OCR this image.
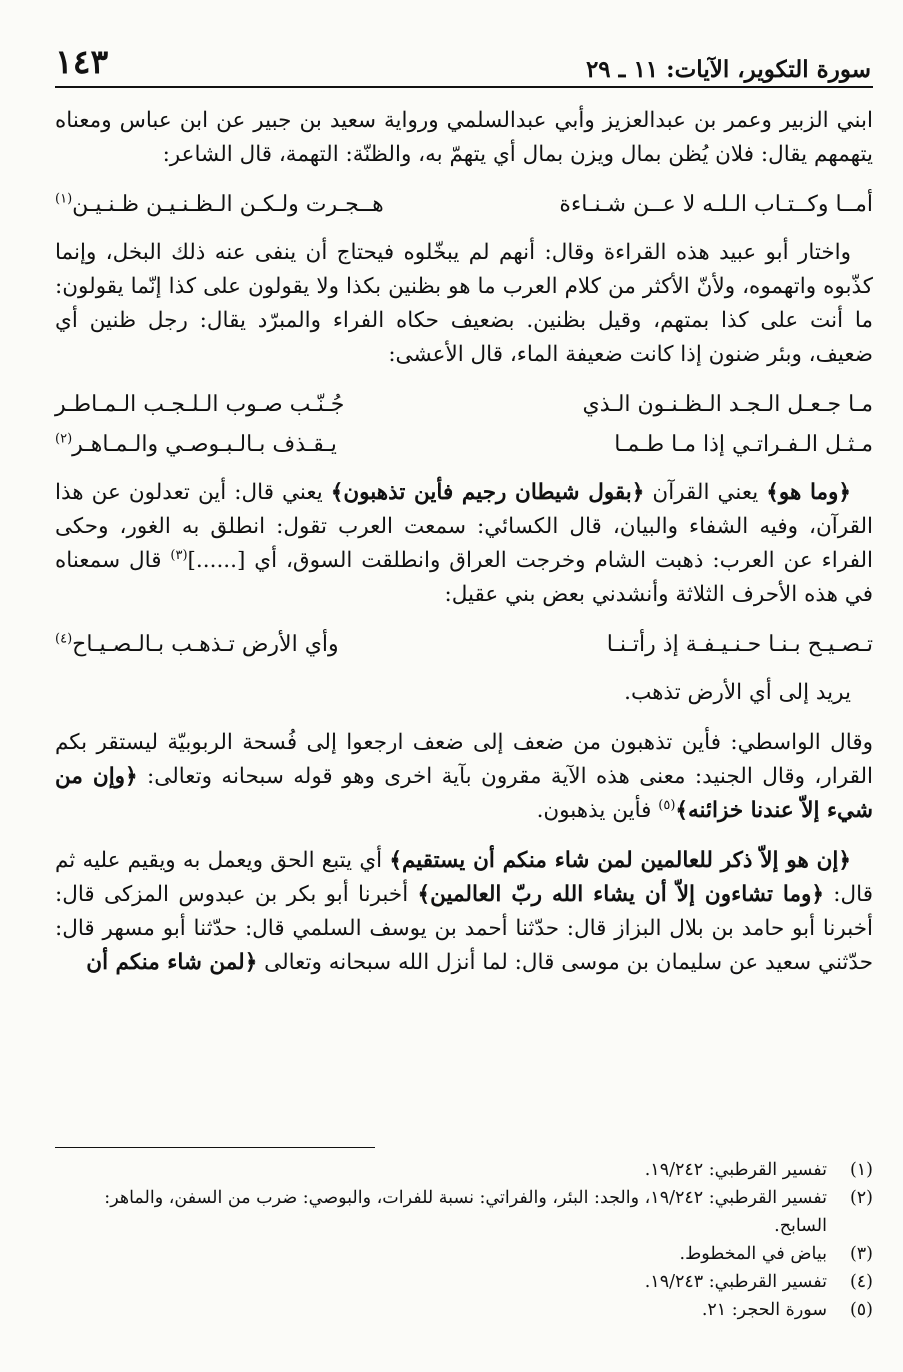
سورة التكوير، الآيات: ١١ ـ ٢٩
١٤٣

ابني الزبير وعمر بن عبدالعزيز وأبي عبدالسلمي ورواية سعيد بن جبير عن ابن عباس ومعناه يتهمهم يقال: فلان يُظن بمال ويزن بمال أي يتهمّ به، والظنّة: التهمة، قال الشاعر:

أمــا وكــتـاب الـلـه لا عــن شـنـاءة
هــجـرت ولـكـن الـظـنـيـن ظـنـيـن$^{(١)}$

واختار أبو عبيد هذه القراءة وقال: أنهم لم يبخّلوه فيحتاج أن ينفى عنه ذلك البخل، وإنما كذّبوه واتهموه، ولأنّ الأكثر من كلام العرب ما هو بظنين بكذا ولا يقولون على كذا إنّما يقولون: ما أنت على كذا بمتهم، وقيل بظنين. بضعيف حكاه الفراء والمبرّد يقال: رجل ظنين أي ضعيف، وبئر ضنون إذا كانت ضعيفة الماء، قال الأعشى:

مـا جـعـل الـجـد الـظـنـون الـذي
جُـنّـب صـوب الـلـجـب الـمـاطـر
مـثـل الـفـراتـي إذا مـا طـمـا
يـقـذف بـالـبـوصـي والـمـاهـر$^{(٢)}$

﴿وما هو﴾ يعني القرآن ﴿بقول شيطان رجيم فأين تذهبون﴾ يعني قال: أين تعدلون عن هذا القرآن، وفيه الشفاء والبيان، قال الكسائي: سمعت العرب تقول: انطلق به الغور، وحكى الفراء عن العرب: ذهبت الشام وخرجت العراق وانطلقت السوق، أي [......]$^{(٣)}$ قال سمعناه في هذه الأحرف الثلاثة وأنشدني بعض بني عقيل:

تـصـيـح بـنـا حـنـيـفـة إذ رأتـنـا
وأي الأرض تـذهـب بـالـصـيـاح$^{(٤)}$

يريد إلى أي الأرض تذهب.

وقال الواسطي: فأين تذهبون من ضعف إلى ضعف ارجعوا إلى فُسحة الربوبيّة ليستقر بكم القرار، وقال الجنيد: معنى هذه الآية مقرون بآية اخرى وهو قوله سبحانه وتعالى: ﴿وإن من شيء إلاّ عندنا خزائنه﴾$^{(٥)}$ فأين يذهبون.

﴿إن هو إلاّ ذكر للعالمين لمن شاء منكم أن يستقيم﴾ أي يتبع الحق ويعمل به ويقيم عليه ثم قال: ﴿وما تشاءون إلاّ أن يشاء الله ربّ العالمين﴾ أخبرنا أبو بكر بن عبدوس المزكى قال: أخبرنا أبو حامد بن بلال البزاز قال: حدّثنا أحمد بن يوسف السلمي قال: حدّثنا أبو مسهر قال: حدّثني سعيد عن سليمان بن موسى قال: لما أنزل الله سبحانه وتعالى ﴿لمن شاء منكم أن

(١)
تفسير القرطبي: ١٩/٢٤٢.
(٢)
تفسير القرطبي: ١٩/٢٤٢، والجد: البئر، والفراتي: نسبة للفرات، والبوصي: ضرب من السفن، والماهر: السابح.
(٣)
بياض في المخطوط.
(٤)
تفسير القرطبي: ١٩/٢٤٣.
(٥)
سورة الحجر: ٢١.
